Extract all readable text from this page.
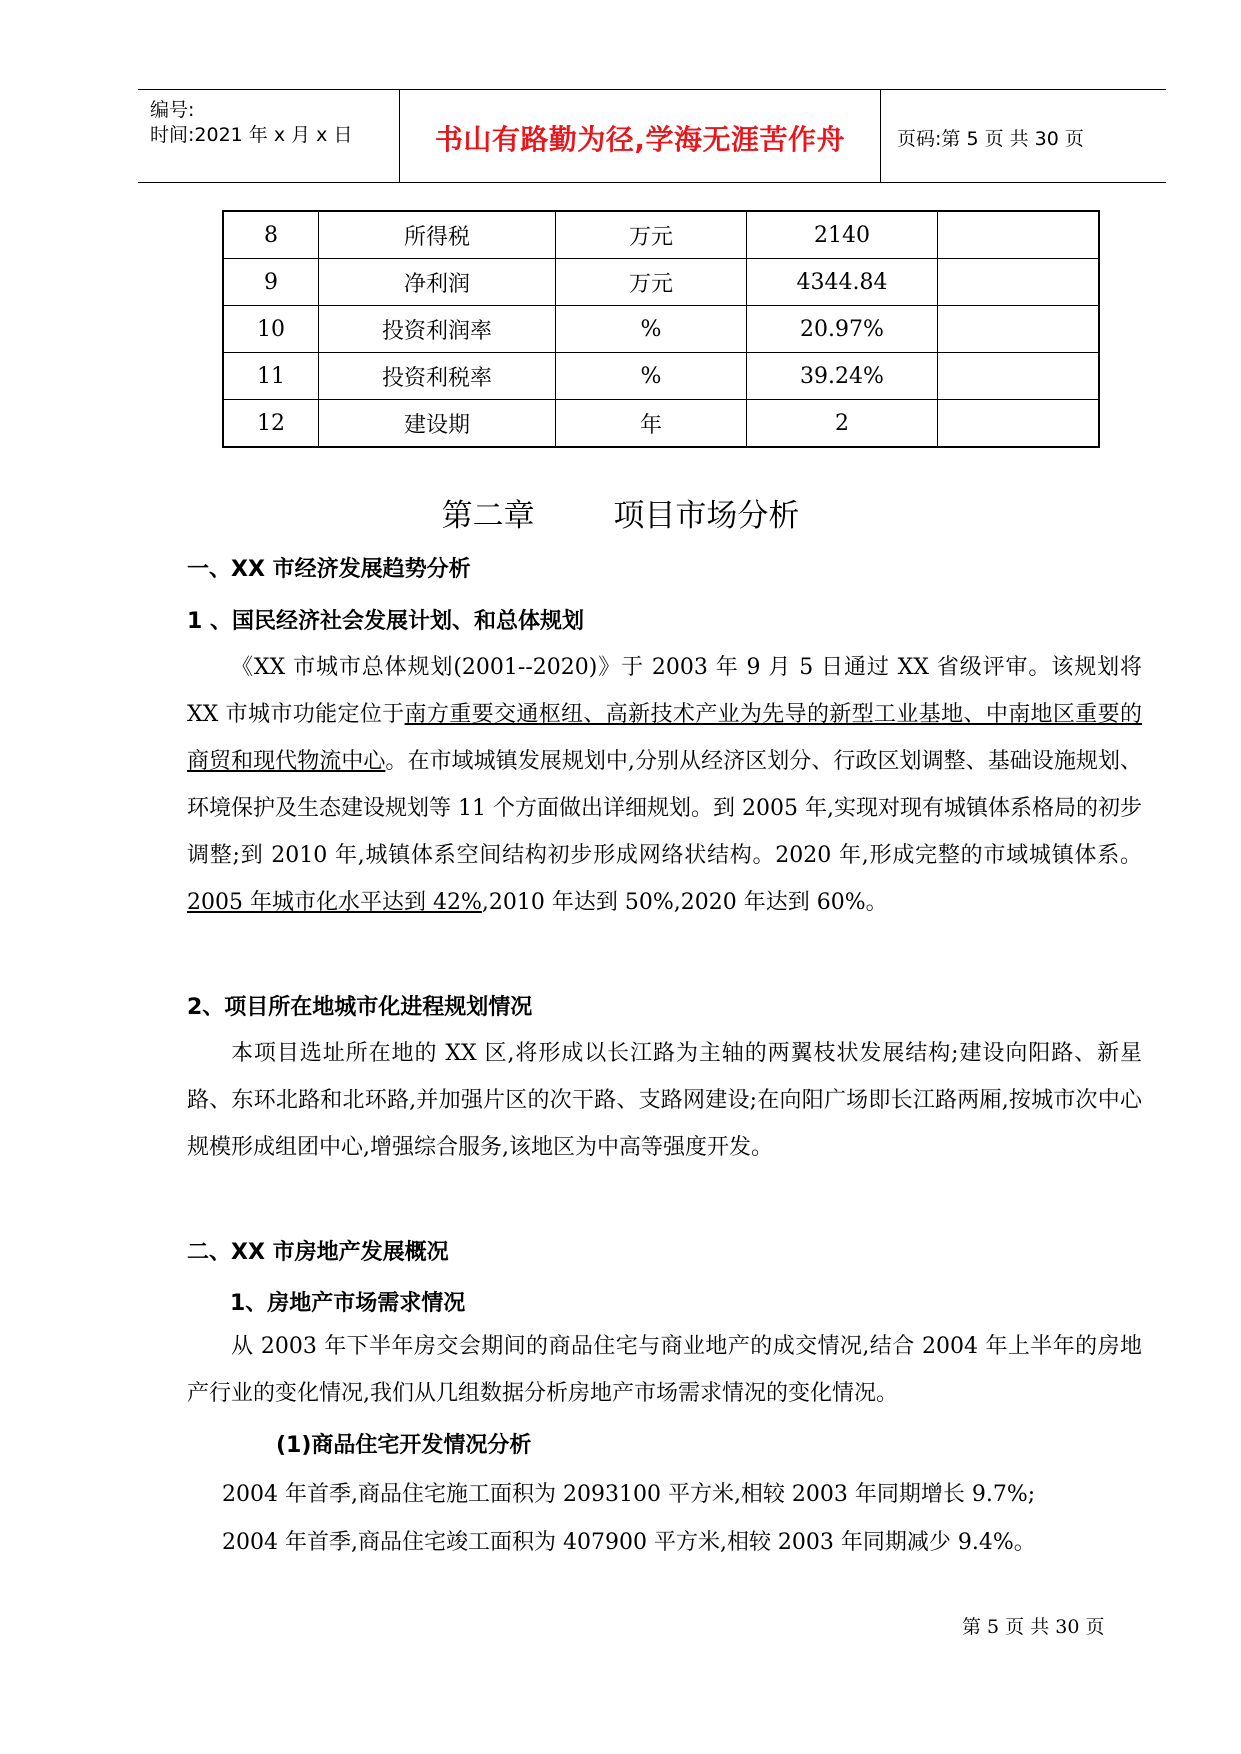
编号:
时间:2021 年 x 月 x 日	书山有路勤为径,学海无涯苦作舟	页码:第 5 页 共 30 页
8	所得税	万元	2140	
9	净利润	万元	4344.84	
10	投资利润率	%	20.97%	
11	投资利税率	%	39.24%	
12	建设期	年	2	
第二章	项目市场分析
一、XX 市经济发展趋势分析
1 、国民经济社会发展计划、和总体规划
《XX 市城市总体规划(2001--2020)》于 2003 年 9 月 5 日通过 XX 省级评审。该规划将 XX 市城市功能定位于南方重要交通枢纽、高新技术产业为先导的新型工业基地、中南地区重要的商贸和现代物流中心。在市域城镇发展规划中,分别从经济区划分、行政区划调整、基础设施规划、环境保护及生态建设规划等 11 个方面做出详细规划。到 2005 年,实现对现有城镇体系格局的初步调整;到 2010 年,城镇体系空间结构初步形成网络状结构。2020 年,形成完整的市域城镇体系。2005 年城市化水平达到 42%,2010 年达到 50%,2020 年达到 60%。
2、项目所在地城市化进程规划情况
本项目选址所在地的 XX 区,将形成以长江路为主轴的两翼枝状发展结构;建设向阳路、新星路、东环北路和北环路,并加强片区的次干路、支路网建设;在向阳广场即长江路两厢,按城市次中心规模形成组团中心,增强综合服务,该地区为中高等强度开发。
二、XX 市房地产发展概况
1、房地产市场需求情况
从 2003 年下半年房交会期间的商品住宅与商业地产的成交情况,结合 2004 年上半年的房地产行业的变化情况,我们从几组数据分析房地产市场需求情况的变化情况。
(1)商品住宅开发情况分析
2004 年首季,商品住宅施工面积为 2093100 平方米,相较 2003 年同期增长 9.7%;
2004 年首季,商品住宅竣工面积为 407900 平方米,相较 2003 年同期减少 9.4%。
第 5 页 共 30 页
